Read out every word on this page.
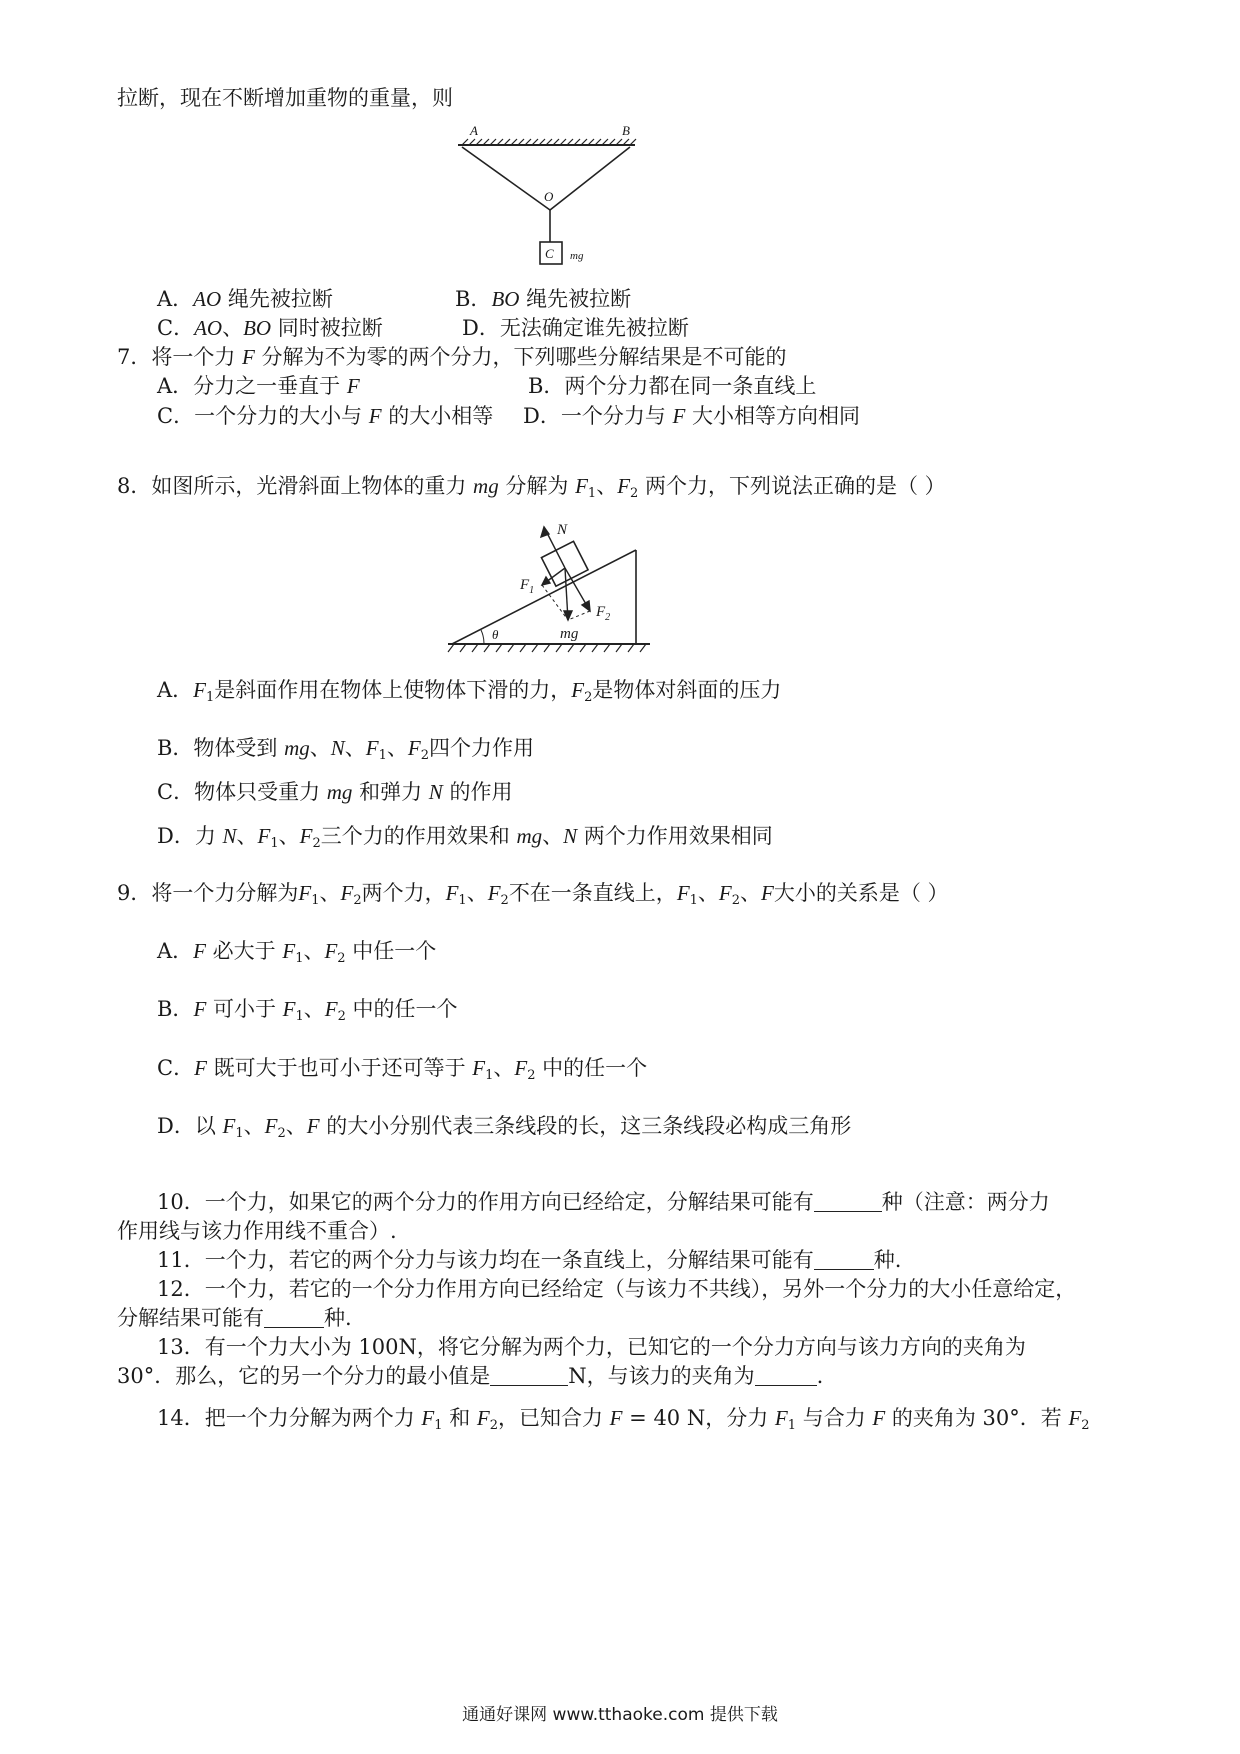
拉断，现在不断增加重物的重量，则
A	B
O
C mg
A．AO 绳先被拉断	B．BO 绳先被拉断
C．AO、BO 同时被拉断	D．无法确定谁先被拉断
7．将一个力 F 分解为不为零的两个分力，下列哪些分解结果是不可能的
A．分力之一垂直于 F	B．两个分力都在同一条直线上
C．一个分力的大小与 F 的大小相等 D．一个分力与 F 大小相等方向相同
8．如图所示，光滑斜面上物体的重力 mg 分解为 $F_1$、$F_2$ 两个力，下列说法正确的是（ ）
N
$F_1$
$F_2$
mg
θ
A．$F_1$是斜面作用在物体上使物体下滑的力，$F_2$是物体对斜面的压力
B．物体受到 mg、N、$F_1$、$F_2$四个力作用
C．物体只受重力 mg 和弹力 N 的作用
D．力 N、$F_1$、$F_2$三个力的作用效果和 mg、N 两个力作用效果相同
9．将一个力分解为$F_1$、$F_2$两个力，$F_1$、$F_2$不在一条直线上，$F_1$、$F_2$、F大小的关系是（ ）
A．F 必大于 $F_1$、$F_2$ 中任一个
B．F 可小于 $F_1$、$F_2$ 中的任一个
C．F 既可大于也可小于还可等于 $F_1$、$F_2$ 中的任一个
D．以 $F_1$、$F_2$、F 的大小分别代表三条线段的长，这三条线段必构成三角形
10．一个力，如果它的两个分力的作用方向已经给定，分解结果可能有	种（注意：两分力
作用线与该力作用线不重合）.
11．一个力，若它的两个分力与该力均在一条直线上，分解结果可能有	种.
12．一个力，若它的一个分力作用方向已经给定（与该力不共线），另外一个分力的大小任意给定，
分解结果可能有	种.
13．有一个力大小为 100N，将它分解为两个力，已知它的一个分力方向与该力方向的夹角为
30°．那么，它的另一个分力的最小值是	N，与该力的夹角为	.
14．把一个力分解为两个力 $F_1$ 和 $F_2$，已知合力 F = 40 N，分力 $F_1$ 与合力 F 的夹角为 30°．若 $F_2$
通通好课网 www.tthaoke.com 提供下载
